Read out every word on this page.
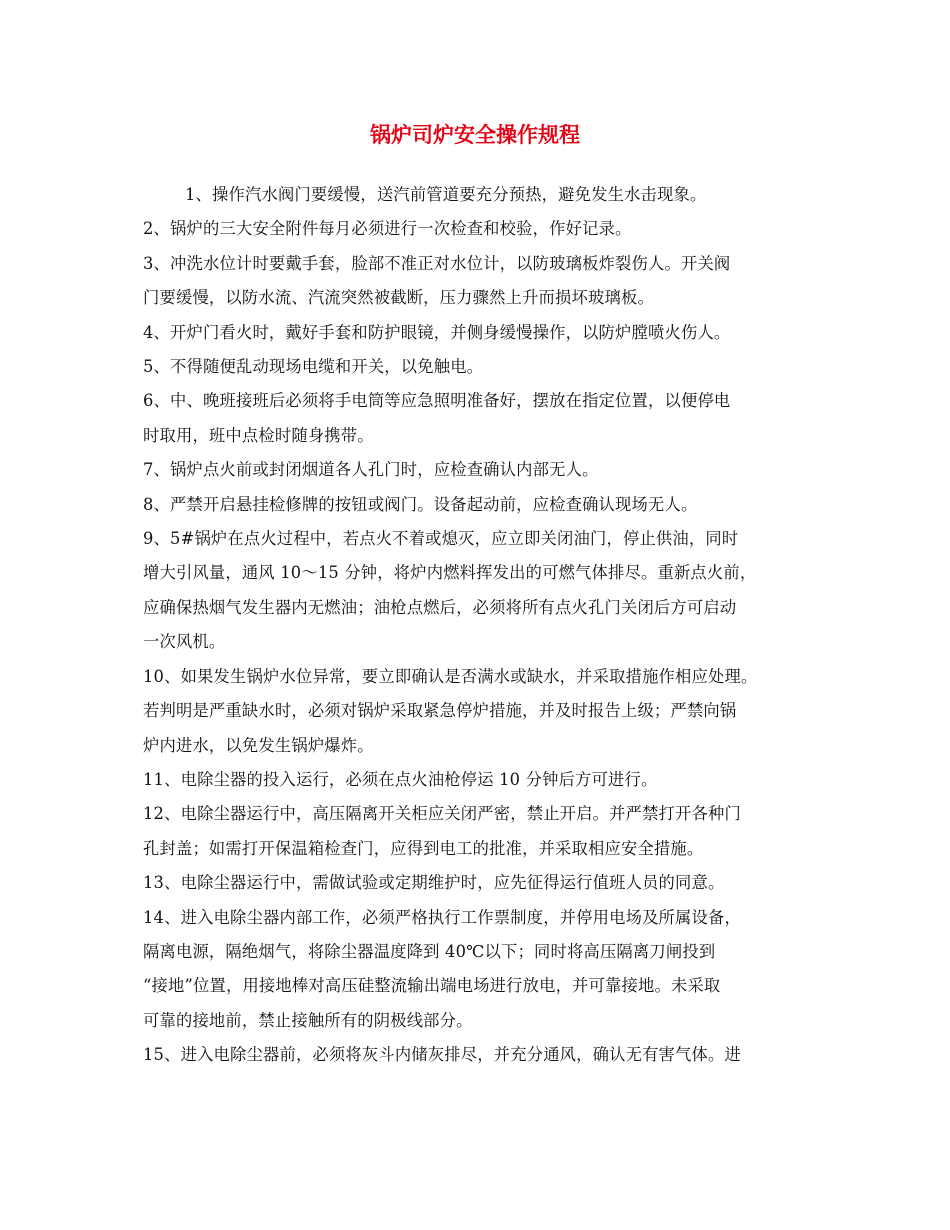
锅炉司炉安全操作规程

1、操作汽水阀门要缓慢，送汽前管道要充分预热，避免发生水击现象。

2、锅炉的三大安全附件每月必须进行一次检查和校验，作好记录。

3、冲洗水位计时要戴手套，脸部不准正对水位计，以防玻璃板炸裂伤人。开关阀

门要缓慢，以防水流、汽流突然被截断，压力骤然上升而损坏玻璃板。

4、开炉门看火时，戴好手套和防护眼镜，并侧身缓慢操作，以防炉膛喷火伤人。

5、不得随便乱动现场电缆和开关，以免触电。

6、中、晚班接班后必须将手电筒等应急照明准备好，摆放在指定位置，以便停电

时取用，班中点检时随身携带。

7、锅炉点火前或封闭烟道各人孔门时，应检查确认内部无人。

8、严禁开启悬挂检修牌的按钮或阀门。设备起动前，应检查确认现场无人。

9、5#锅炉在点火过程中，若点火不着或熄灭，应立即关闭油门，停止供油，同时

增大引风量，通风 10～15 分钟，将炉内燃料挥发出的可燃气体排尽。重新点火前，

应确保热烟气发生器内无燃油；油枪点燃后，必须将所有点火孔门关闭后方可启动

一次风机。

10、如果发生锅炉水位异常，要立即确认是否满水或缺水，并采取措施作相应处理。

若判明是严重缺水时，必须对锅炉采取紧急停炉措施，并及时报告上级；严禁向锅

炉内进水，以免发生锅炉爆炸。

11、电除尘器的投入运行，必须在点火油枪停运 10 分钟后方可进行。

12、电除尘器运行中，高压隔离开关柜应关闭严密，禁止开启。并严禁打开各种门

孔封盖；如需打开保温箱检查门，应得到电工的批准，并采取相应安全措施。

13、电除尘器运行中，需做试验或定期维护时，应先征得运行值班人员的同意。

14、进入电除尘器内部工作，必须严格执行工作票制度，并停用电场及所属设备，

隔离电源，隔绝烟气，将除尘器温度降到 40℃以下；同时将高压隔离刀闸投到

“接地”位置，用接地棒对高压硅整流输出端电场进行放电，并可靠接地。未采取

可靠的接地前，禁止接触所有的阴极线部分。

15、进入电除尘器前，必须将灰斗内储灰排尽，并充分通风，确认无有害气体。进
